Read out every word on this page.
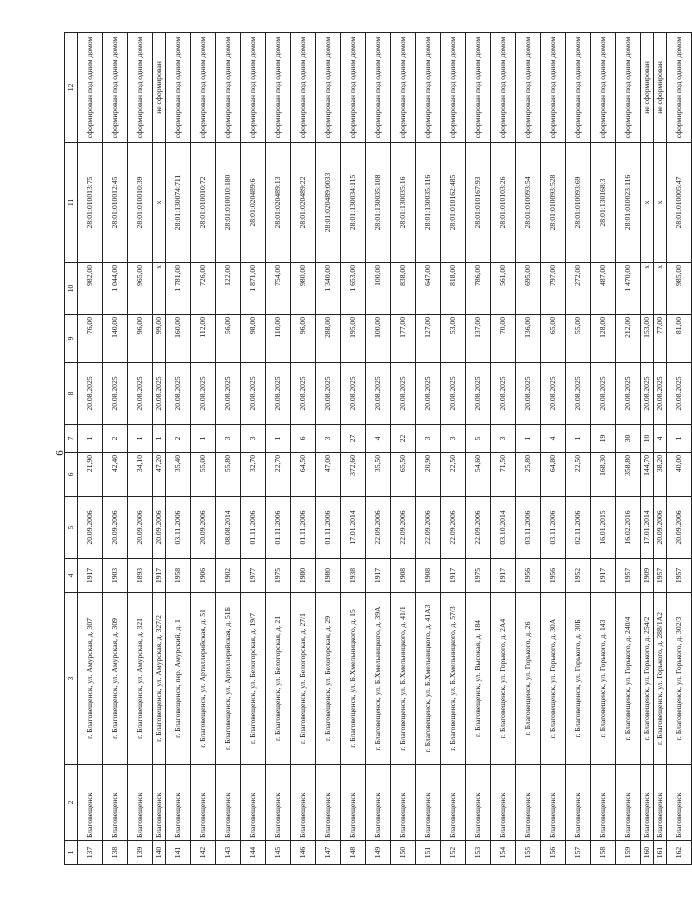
6
1	2	3	4	5	6	7	8	9	10	11	12
137	Благовещенск	г. Благовещенск, ул. Амурская, д. 307	1917	20.09.2006	21,90	1	20.08.2025	76,00	982,00	28:01:010013:75	сформирован под одним домом
138	Благовещенск	г. Благовещенск, ул. Амурская, д. 309	1903	20.09.2006	42,40	2	20.08.2025	140,00	1 044,00	28:01:010012:45	сформирован под одним домом
139	Благовещенск	г. Благовещенск, ул. Амурская, д. 321	1893	20.09.2006	34,10	1	20.08.2025	96,00	965,00	28:01:010010:39	сформирован под одним домом
140	Благовещенск	г. Благовещенск, ул. Амурская, д. 327/2	1917	20.09.2006	47,20	1	20.08.2025	99,00	х	х	не сформирован
141	Благовещенск	г. Благовещенск, пер. Амурский, д. 1	1958	03.11.2006	35,40	2	20.08.2025	160,00	1 781,00	28:01:130074:711	сформирован под одним домом
142	Благовещенск	г. Благовещенск, ул. Артиллерийская, д. 51	1906	20.09.2006	55,00	1	20.08.2025	112,00	726,00	28:01:010010:72	сформирован под одним домом
143	Благовещенск	г. Благовещенск, ул. Артиллерийская, д. 51Б	1902	08.08.2014	55,80	3	20.08.2025	56,00	122,00	28:01:010010:180	сформирован под одним домом
144	Благовещенск	г. Благовещенск, ул. Белогорская, д. 19/7	1977	01.11.2006	32,70	3	20.08.2025	98,00	1 871,00	28:01:020489:6	сформирован под одним домом
145	Благовещенск	г. Благовещенск, ул. Белогорская, д. 21	1975	01.11.2006	22,70	1	20.08.2025	110,00	754,00	28:01:020489:13	сформирован под одним домом
146	Благовещенск	г. Благовещенск, ул. Белогорская, д. 27/1	1980	01.11.2006	64,50	6	20.08.2025	96,00	980,00	28:01:020489:22	сформирован под одним домом
147	Благовещенск	г. Благовещенск, ул. Белогорская, д. 29	1980	01.11.2006	47,00	3	20.08.2025	288,00	1 340,00	28:01:020489:0033	сформирован под одним домом
148	Благовещенск	г. Благовещенск, ул. Б.Хмельницкого, д. 15	1938	17.01.2014	372,60	27	20.08.2025	195,00	1 653,00	28:01:130034:115	сформирован под одним домом
149	Благовещенск	г. Благовещенск, ул. Б.Хмельницкого, д. 39А	1917	22.09.2006	35,50	4	20.08.2025	100,00	100,00	28:01:130035:108	сформирован под одним домом
150	Благовещенск	г. Благовещенск, ул. Б.Хмельницкого, д. 41/1	1908	22.09.2006	65,50	22	20.08.2025	177,00	838,00	28:01:130035:16	сформирован под одним домом
151	Благовещенск	г. Благовещенск, ул. Б.Хмельницкого, д. 41А3	1908	22.09.2006	20,90	3	20.08.2025	127,00	647,00	28:01:130035:116	сформирован под одним домом
152	Благовещенск	г. Благовещенск, ул. Б.Хмельницкого, д. 57/3	1917	22.09.2006	22,50	3	20.08.2025	53,00	818,00	28:01:010162:485	сформирован под одним домом
153	Благовещенск	г. Благовещенск, ул. Высокая, д. 184	1975	22.09.2006	54,60	5	20.08.2025	137,00	786,00	28:01:010167:93	сформирован под одним домом
154	Благовещенск	г. Благовещенск, ул. Горького, д. 2А4	1917	03.10.2014	71,50	3	20.08.2025	70,00	561,00	28:01:010103:26	сформирован под одним домом
155	Благовещенск	г. Благовещенск, ул. Горького, д. 26	1956	03.11.2006	25,80	1	20.08.2025	136,00	695,00	28:01:010093:54	сформирован под одним домом
156	Благовещенск	г. Благовещенск, ул. Горького, д. 30А	1956	03.11.2006	64,80	4	20.08.2025	65,00	797,00	28:01:010093:528	сформирован под одним домом
157	Благовещенск	г. Благовещенск, ул. Горького, д. 30Б	1952	02.11.2006	22,50	1	20.08.2025	55,00	272,00	28:01:010093:69	сформирован под одним домом
158	Благовещенск	г. Благовещенск, ул. Горького, д. 143	1917	16.01.2015	168,30	19	20.08.2025	128,00	487,00	28:01:130168:3	сформирован под одним домом
159	Благовещенск	г. Благовещенск, ул. Горького, д. 240/4	1957	16.02.2016	358,80	30	20.08.2025	212,00	1 470,00	28:01:010023:116	сформирован под одним домом
160	Благовещенск	г. Благовещенск, ул. Горького, д. 254/2	1909	17.01.2014	144,70	10	20.08.2025	153,00	х	х	не сформирован
161	Благовещенск	г. Благовещенск, ул. Горького, д. 288/1А2	1957	20.09.2006	38,20	4	20.08.2025	77,00	х	х	не сформирован
162	Благовещенск	г. Благовещенск, ул. Горького, д. 302/3	1957	20.09.2006	40,00	1	20.08.2025	81,00	985,00	28:01:010005:47	сформирован под одним домом
